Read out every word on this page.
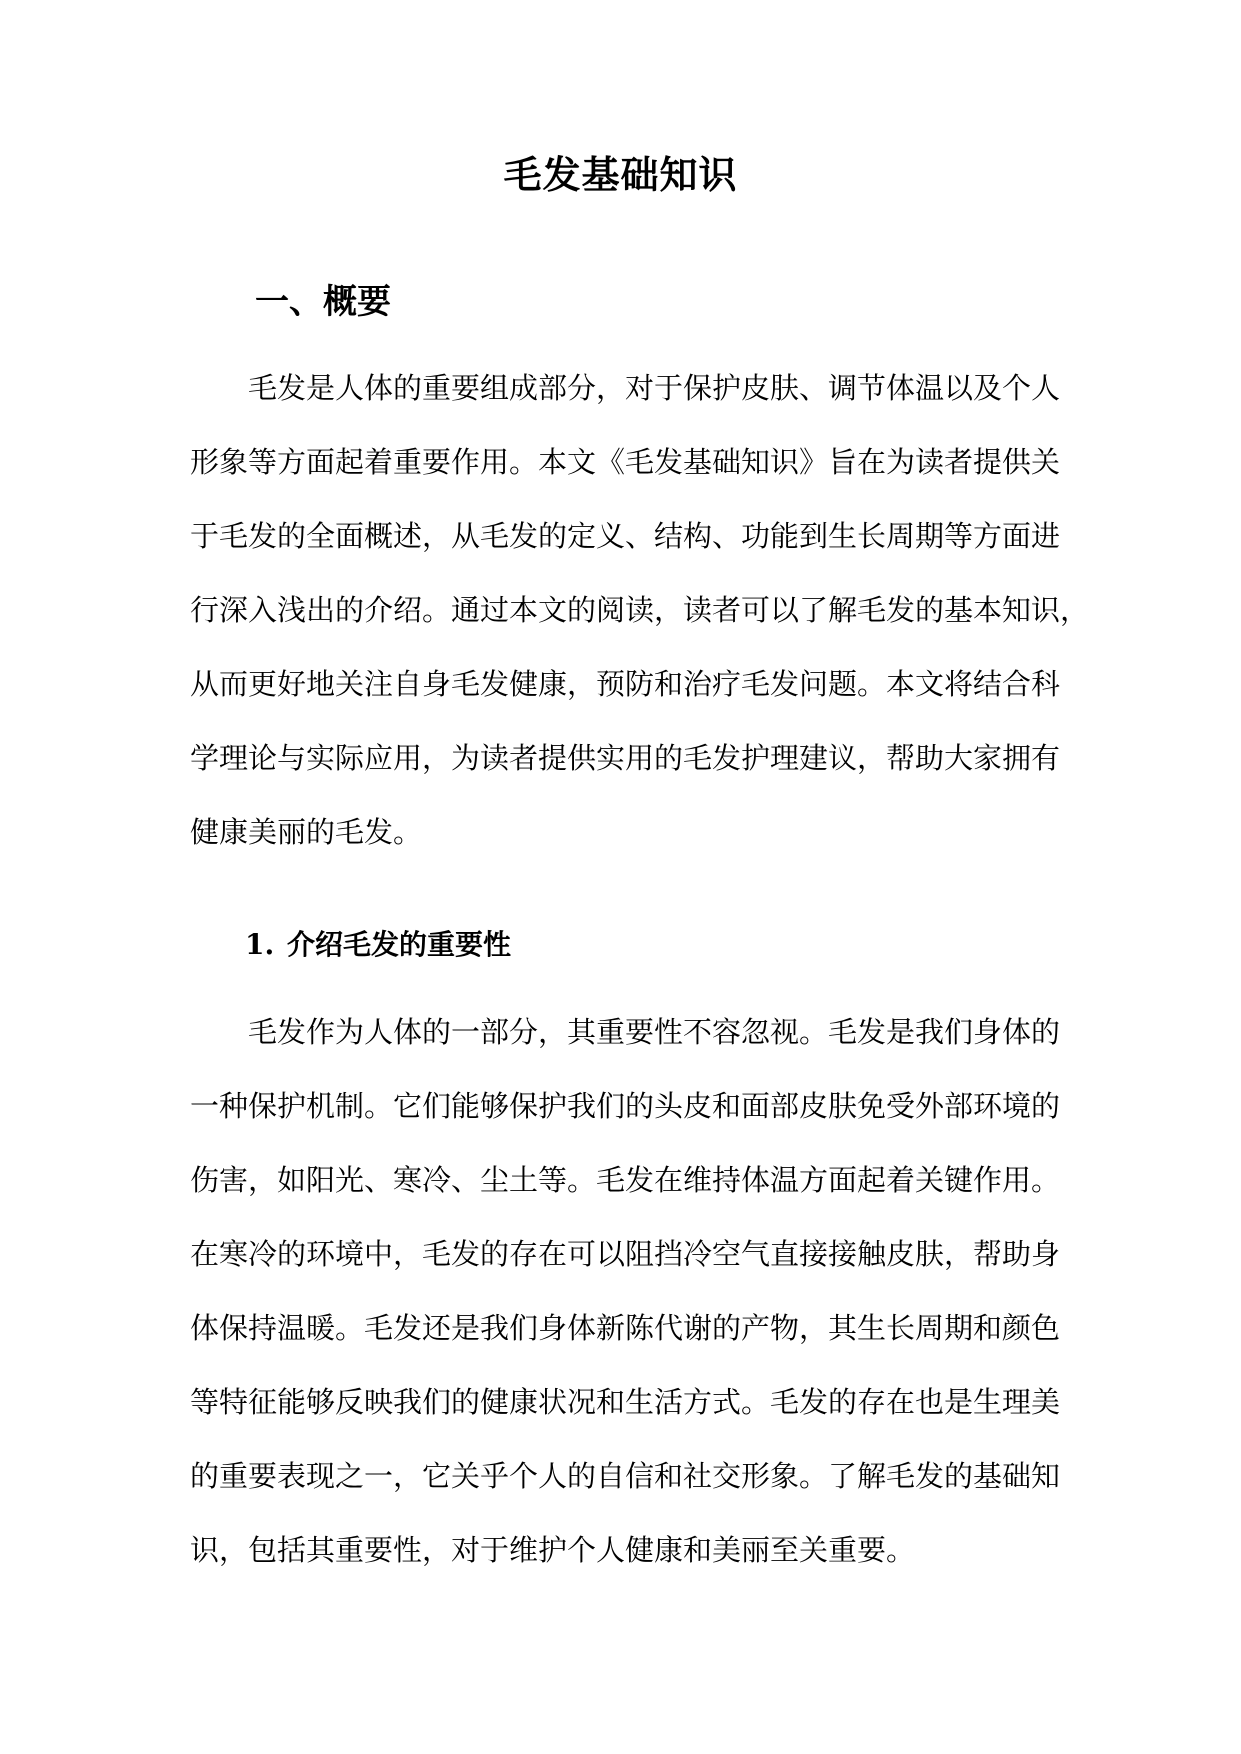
毛发基础知识
一、概要
毛发是人体的重要组成部分，对于保护皮肤、调节体温以及个人
形象等方面起着重要作用。本文《毛发基础知识》旨在为读者提供关
于毛发的全面概述，从毛发的定义、结构、功能到生长周期等方面进
行深入浅出的介绍。通过本文的阅读，读者可以了解毛发的基本知识，
从而更好地关注自身毛发健康，预防和治疗毛发问题。本文将结合科
学理论与实际应用，为读者提供实用的毛发护理建议，帮助大家拥有
健康美丽的毛发。
1. 介绍毛发的重要性
毛发作为人体的一部分，其重要性不容忽视。毛发是我们身体的
一种保护机制。它们能够保护我们的头皮和面部皮肤免受外部环境的
伤害，如阳光、寒冷、尘土等。毛发在维持体温方面起着关键作用。
在寒冷的环境中，毛发的存在可以阻挡冷空气直接接触皮肤，帮助身
体保持温暖。毛发还是我们身体新陈代谢的产物，其生长周期和颜色
等特征能够反映我们的健康状况和生活方式。毛发的存在也是生理美
的重要表现之一，它关乎个人的自信和社交形象。了解毛发的基础知
识，包括其重要性，对于维护个人健康和美丽至关重要。
